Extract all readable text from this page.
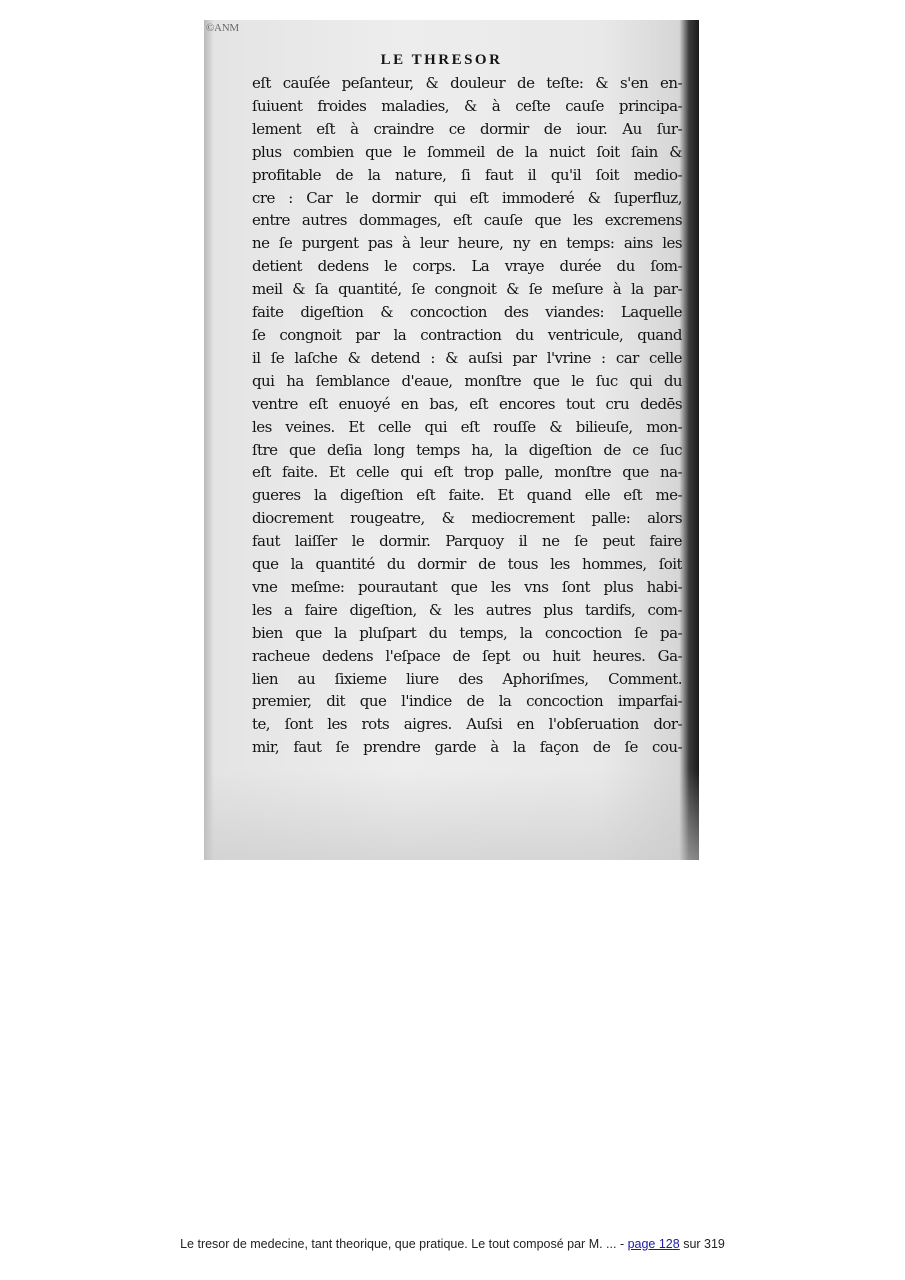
©ANM
LE THRESOR
eſt cauſée peſanteur, & douleur de teſte: & s'en en-
ſuiuent froides maladies, & à ceſte cauſe principa-
lement eſt à craindre ce dormir de iour. Au ſur-
plus combien que le ſommeil de la nuict ſoit ſain &
profitable de la nature, ſi faut il qu'il ſoit medio-
cre : Car le dormir qui eſt immoderé & ſuperfluz,
entre autres dommages, eſt cauſe que les excremens
ne ſe purgent pas à leur heure, ny en temps: ains les
detient dedens le corps. La vraye durée du ſom-
meil & ſa quantité, ſe congnoit & ſe meſure à la par-
faite digeſtion & concoction des viandes: Laquelle
ſe congnoit par la contraction du ventricule, quand
il ſe laſche & detend : & auſsi par l'vrine : car celle
qui ha ſemblance d'eaue, monſtre que le ſuc qui du
ventre eſt enuoyé en bas, eſt encores tout cru dedēs
les veines. Et celle qui eſt rouſſe & bilieuſe, mon-
ſtre que deſia long temps ha, la digeſtion de ce ſuc
eſt faite. Et celle qui eſt trop palle, monſtre que na-
gueres la digeſtion eſt faite. Et quand elle eſt me-
diocrement rougeatre, & mediocrement palle: alors
faut laiſſer le dormir. Parquoy il ne ſe peut faire
que la quantité du dormir de tous les hommes, ſoit
vne meſme: pourautant que les vns ſont plus habi-
les a faire digeſtion, & les autres plus tardifs, com-
bien que la pluſpart du temps, la concoction ſe pa-
racheue dedens l'eſpace de ſept ou huit heures. Ga-
lien au ſixieme liure des Aphoriſmes, Comment.
premier, dit que l'indice de la concoction imparfai-
te, ſont les rots aigres. Auſsi en l'obſeruation dor-
mir, faut ſe prendre garde à la façon de ſe cou-
Le tresor de medecine, tant theorique, que pratique. Le tout composé par M. ... - page 128 sur 319
